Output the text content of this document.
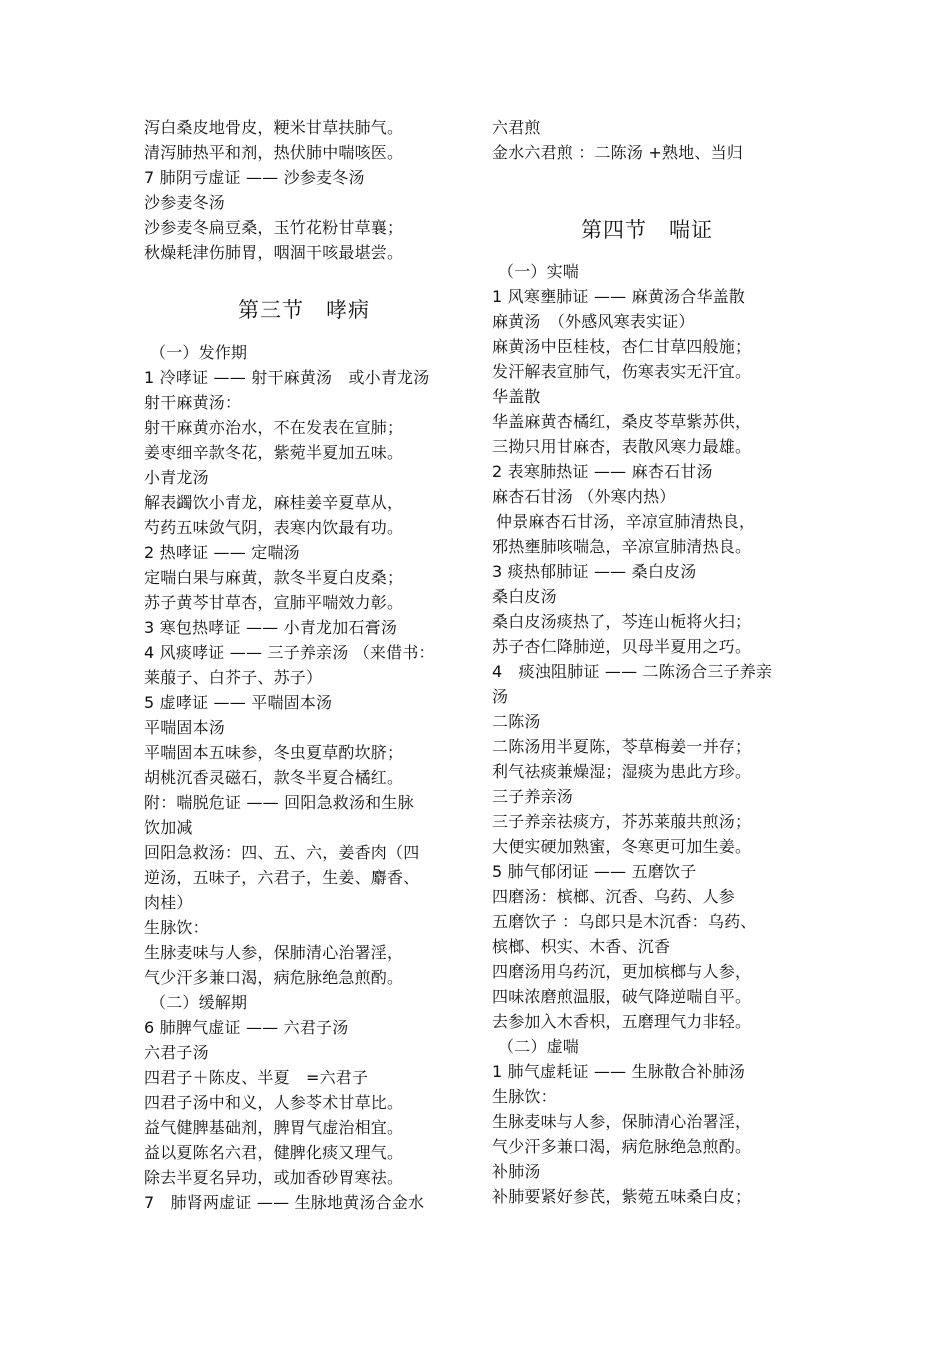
泻白桑皮地骨皮，粳米甘草扶肺气。
清泻肺热平和剂，热伏肺中喘咳医。
7 肺阴亏虚证 —— 沙参麦冬汤
沙参麦冬汤
沙参麦冬扁豆桑，玉竹花粉甘草襄；
秋燥耗津伤肺胃，咽涸干咳最堪尝。
第三节　哮病
（一）发作期
1 冷哮证 —— 射干麻黄汤　或小青龙汤
射干麻黄汤：
射干麻黄亦治水，不在发表在宣肺；
姜枣细辛款冬花，紫菀半夏加五味。
小青龙汤
解表蠲饮小青龙，麻桂姜辛夏草从，
芍药五味敛气阴，表寒内饮最有功。
2 热哮证 —— 定喘汤
定喘白果与麻黄，款冬半夏白皮桑；
苏子黄芩甘草杏，宣肺平喘效力彰。
3 寒包热哮证 —— 小青龙加石膏汤
4 风痰哮证 —— 三子养亲汤 （来借书：
莱菔子、白芥子、苏子）
5 虚哮证 —— 平喘固本汤
平喘固本汤
平喘固本五味参，冬虫夏草酌坎脐；
胡桃沉香灵磁石，款冬半夏合橘红。
附：喘脱危证 —— 回阳急救汤和生脉
饮加减
回阳急救汤：四、五、六，姜香肉（四
逆汤，五味子，六君子，生姜、麝香、
肉桂）
生脉饮：
生脉麦味与人参，保肺清心治署淫，
气少汗多兼口渴，病危脉绝急煎酌。
（二）缓解期
6 肺脾气虚证 —— 六君子汤
六君子汤
四君子＋陈皮、半夏　=六君子
四君子汤中和义，人参苓术甘草比。
益气健脾基础剂，脾胃气虚治相宜。
益以夏陈名六君，健脾化痰又理气。
除去半夏名异功，或加香砂胃寒祛。
7　肺肾两虚证 —— 生脉地黄汤合金水
六君煎
金水六君煎 ：二陈汤 +熟地、当归
第四节　喘证
（一）实喘
1 风寒壅肺证 —— 麻黄汤合华盖散
麻黄汤　（外感风寒表实证）
麻黄汤中臣桂枝，杏仁甘草四般施；
发汗解表宣肺气，伤寒表实无汗宜。
华盖散
华盖麻黄杏橘红，桑皮苓草紫苏供，
三拗只用甘麻杏，表散风寒力最雄。
2 表寒肺热证 —— 麻杏石甘汤
麻杏石甘汤 （外寒内热）
仲景麻杏石甘汤，辛凉宣肺清热良，
邪热壅肺咳喘急，辛凉宣肺清热良。
3 痰热郁肺证 —— 桑白皮汤
桑白皮汤
桑白皮汤痰热了，芩连山栀将火扫；
苏子杏仁降肺逆，贝母半夏用之巧。
4　痰浊阻肺证 —— 二陈汤合三子养亲
汤
二陈汤
二陈汤用半夏陈，苓草梅姜一并存；
利气祛痰兼燥湿；湿痰为患此方珍。
三子养亲汤
三子养亲祛痰方，芥苏莱菔共煎汤；
大便实硬加熟蜜，冬寒更可加生姜。
5 肺气郁闭证 —— 五磨饮子
四磨汤：槟榔、沉香、乌药、人参
五磨饮子 ：乌郎只是木沉香：乌药、
槟榔、枳实、木香、沉香
四磨汤用乌药沉，更加槟榔与人参，
四味浓磨煎温服，破气降逆喘自平。
去参加入木香枳，五磨理气力非轻。
（二）虚喘
1 肺气虚耗证 —— 生脉散合补肺汤
生脉饮：
生脉麦味与人参，保肺清心治署淫，
气少汗多兼口渴，病危脉绝急煎酌。
补肺汤
补肺要紧好参芪，紫菀五味桑白皮；
